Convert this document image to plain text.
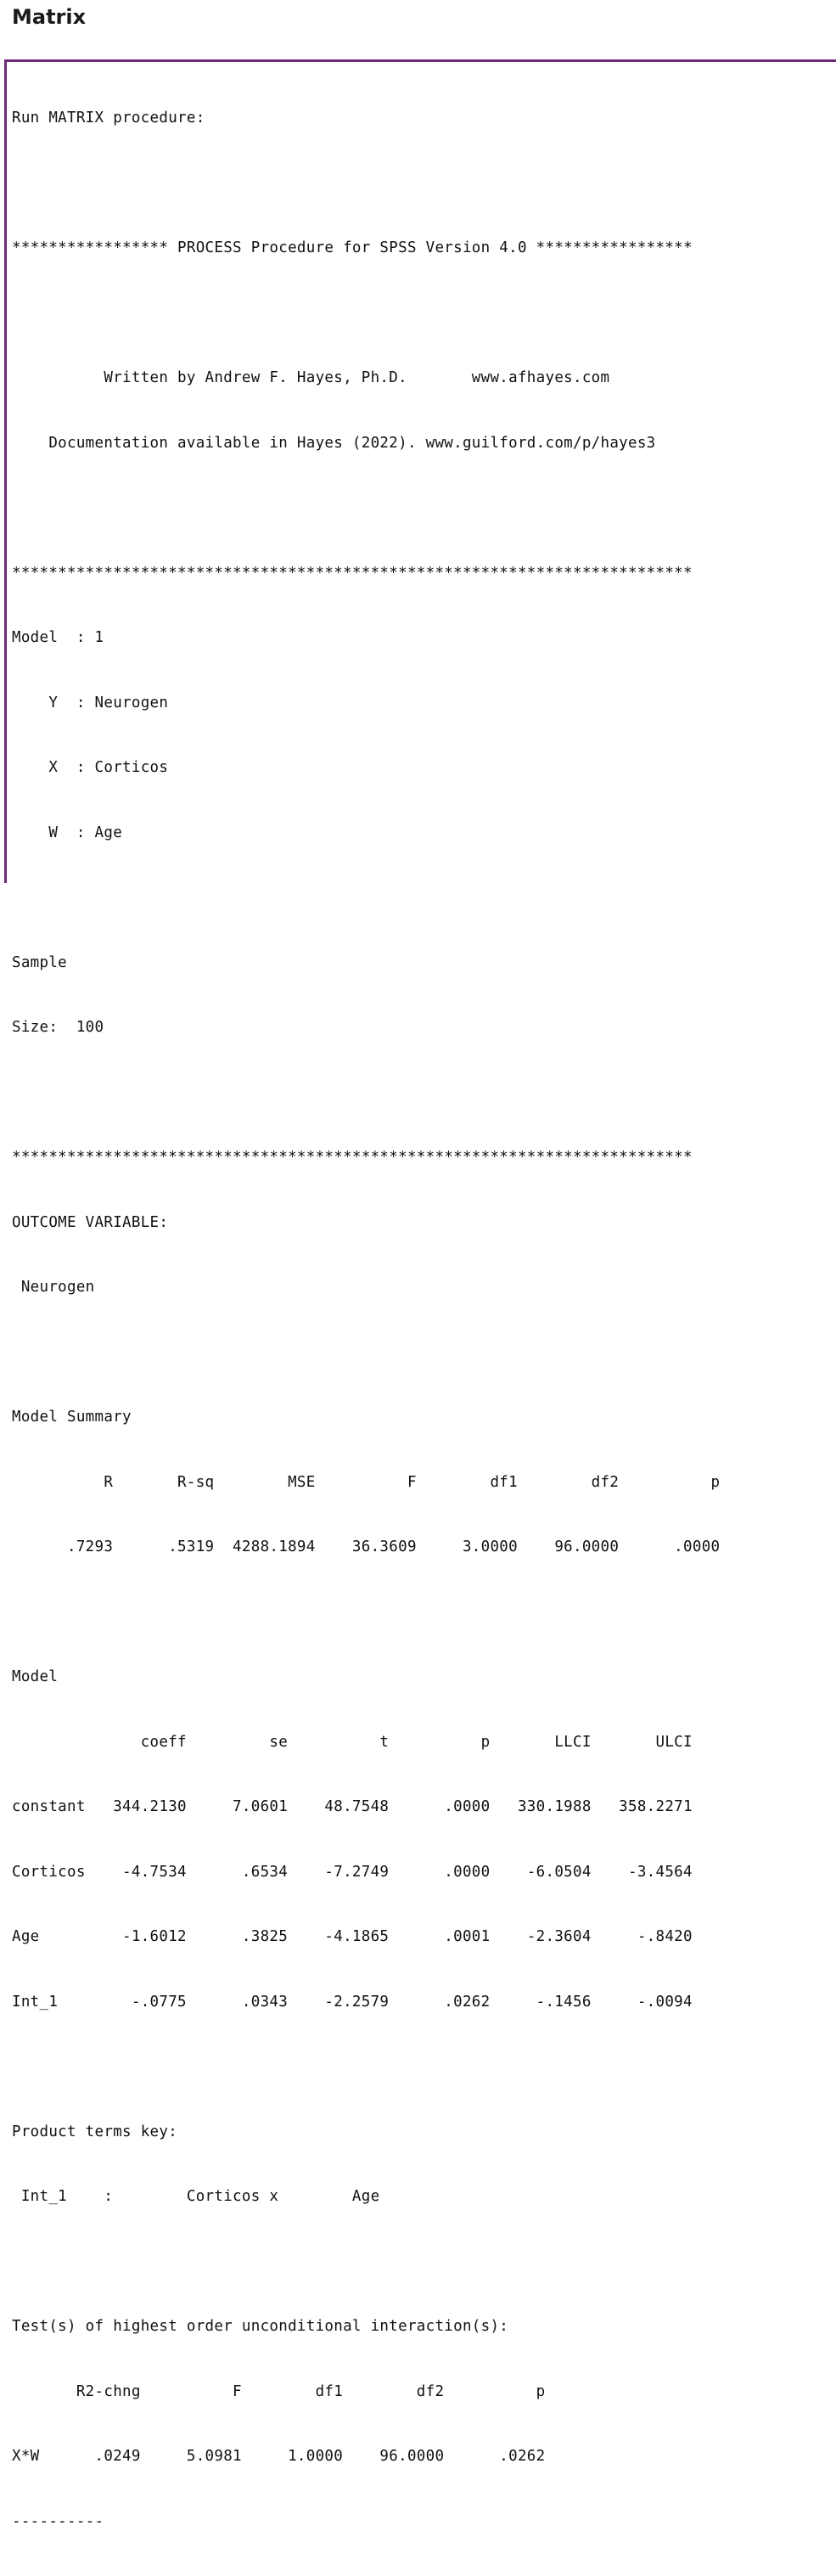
Matrix

Run MATRIX procedure:

***************** PROCESS Procedure for SPSS Version 4.0 *****************

Written by Andrew F. Hayes, Ph.D.       www.afhayes.com

Documentation available in Hayes (2022). www.guilford.com/p/hayes3

**************************************************************************

Model  : 1

Y  : Neurogen

X  : Corticos

W  : Age

Sample

Size:  100

**************************************************************************

OUTCOME VARIABLE:

Neurogen

Model Summary

R       R-sq        MSE          F        df1        df2          p

.7293      .5319  4288.1894    36.3609     3.0000    96.0000      .0000

Model

coeff         se          t          p       LLCI       ULCI

constant   344.2130     7.0601    48.7548      .0000   330.1988   358.2271

Corticos    -4.7534      .6534    -7.2749      .0000    -6.0504    -3.4564

Age         -1.6012      .3825    -4.1865      .0001    -2.3604     -.8420

Int_1        -.0775      .0343    -2.2579      .0262     -.1456     -.0094

Product terms key:

Int_1    :        Corticos x        Age

Test(s) of highest order unconditional interaction(s):

R2-chng          F        df1        df2          p

X*W      .0249     5.0981     1.0000    96.0000      .0262

----------
